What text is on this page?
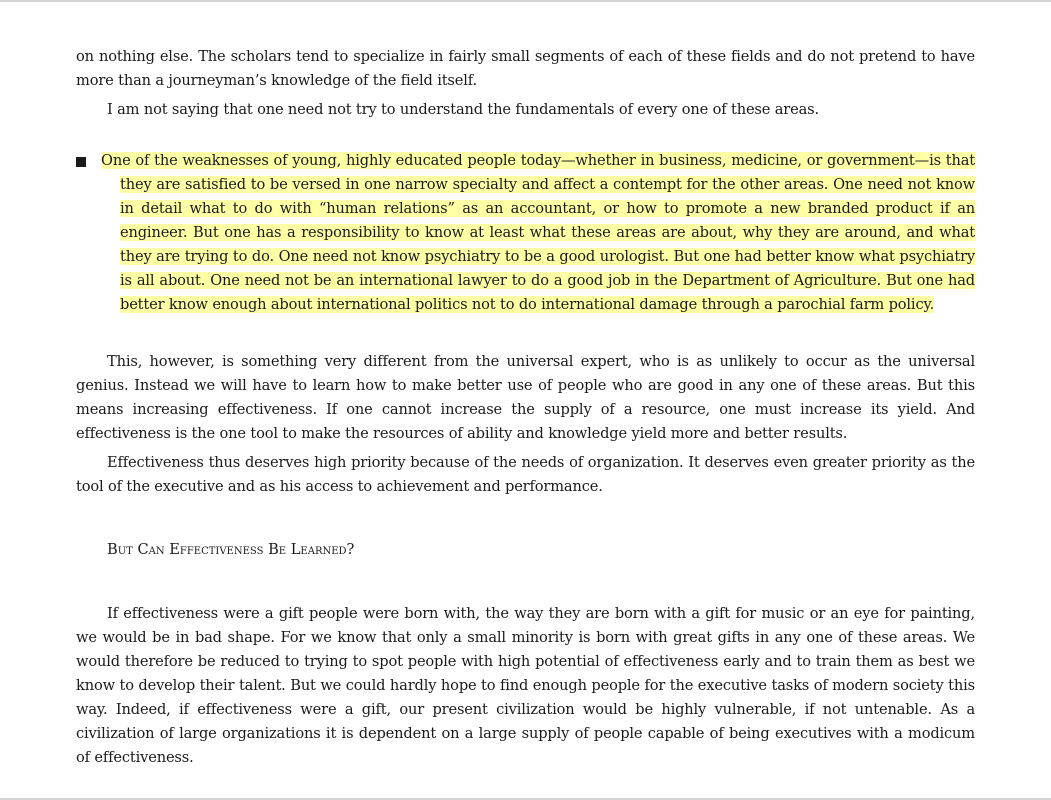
on nothing else. The scholars tend to specialize in fairly small segments of each of these fields and do not pretend to have more than a journeyman’s knowledge of the field itself.

I am not saying that one need not try to understand the fundamentals of every one of these areas.

One of the weaknesses of young, highly educated people today—whether in business, medicine, or government—is that they are satisfied to be versed in one narrow specialty and affect a contempt for the other areas. One need not know in detail what to do with “human relations” as an accountant, or how to promote a new branded product if an engineer. But one has a responsibility to know at least what these areas are about, why they are around, and what they are trying to do. One need not know psychiatry to be a good urologist. But one had better know what psychiatry is all about. One need not be an international lawyer to do a good job in the Department of Agriculture. But one had better know enough about international politics not to do international damage through a parochial farm policy.

This, however, is something very different from the universal expert, who is as unlikely to occur as the universal genius. Instead we will have to learn how to make better use of people who are good in any one of these areas. But this means increasing effectiveness. If one cannot increase the supply of a resource, one must increase its yield. And effectiveness is the one tool to make the resources of ability and knowledge yield more and better results.

Effectiveness thus deserves high priority because of the needs of organization. It deserves even greater priority as the tool of the executive and as his access to achievement and performance.

But Can Effectiveness Be Learned?

If effectiveness were a gift people were born with, the way they are born with a gift for music or an eye for painting, we would be in bad shape. For we know that only a small minority is born with great gifts in any one of these areas. We would therefore be reduced to trying to spot people with high potential of effectiveness early and to train them as best we know to develop their talent. But we could hardly hope to find enough people for the executive tasks of modern society this way. Indeed, if effectiveness were a gift, our present civilization would be highly vulnerable, if not untenable. As a civilization of large organizations it is dependent on a large supply of people capable of being executives with a modicum of effectiveness.
